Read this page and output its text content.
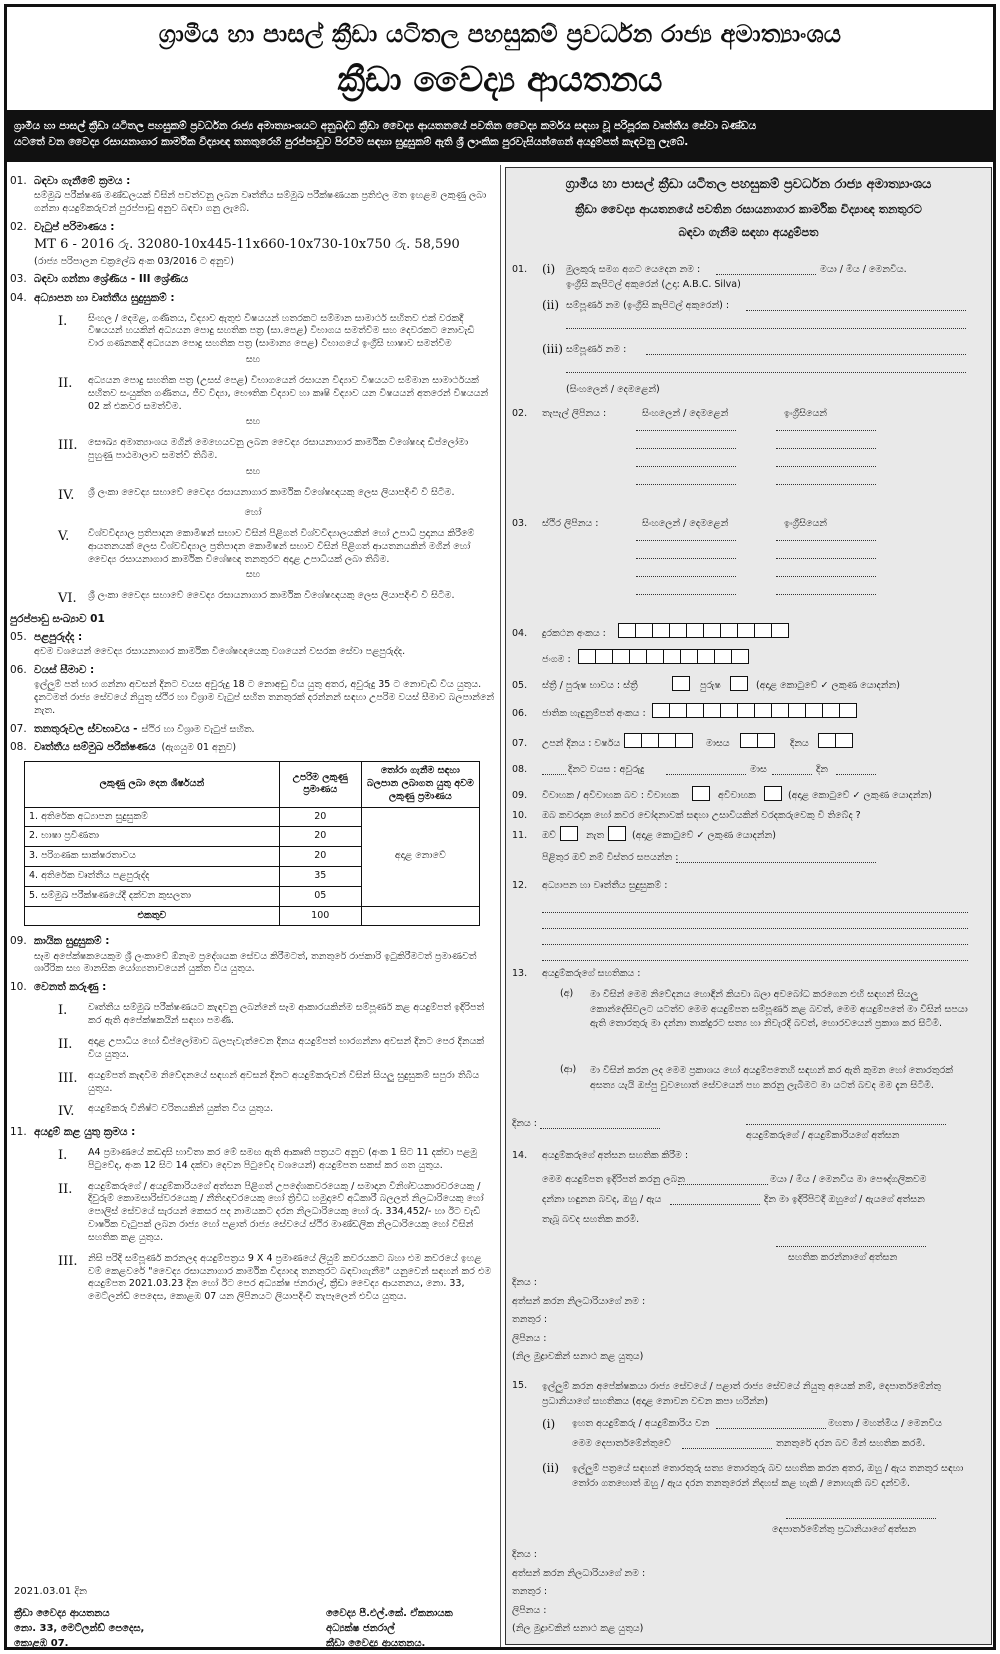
ග්‍රාමීය හා පාසල් ක්‍රීඩා යටිතල පහසුකම් ප්‍රවර්ධන රාජ්‍ය අමාත්‍යාංශය
ක්‍රීඩා වෛද්‍ය ආයතනය
ග්‍රාමීය හා පාසල් ක්‍රීඩා යටිතල පහසුකම් ප්‍රවර්ධන රාජ්‍ය අමාත්‍යාංශයට අනුබද්ධ ක්‍රීඩා වෛද්‍ය ආයතනයේ පවතින වෛද්‍ය කර්මය සඳහා වූ පරිපූරක වෘත්තීය සේවා බණ්ඩය
යටතේ වන වෛද්‍ය රසායනාගාර කාර්මික විද්‍යාඥ තනතුරෙහි පුරප්පාඩුව පිරවීම සඳහා සුදුසුකම් ඇති ශ්‍රී ලාංකික පුරවැසියන්ගෙන් අයදුම්පත් කැඳවනු ලැබේ.
01. බඳවා ගැනීමේ ක්‍රමය :
සම්මුඛ පරීක්ෂණ මණ්ඩලයක් විසින් පවත්වනු ලබන වෘත්තීය සම්මුඛ පරීක්ෂණයක ප්‍රතිඵල මත ඉහළම ලකුණු ලබා ගන්නා අයදුම්කරුවන් පුරප්පාඩු අනුව බඳවා ගනු ලැබේ.
02. වැටුප් පරිමාණය :
MT 6 - 2016 රු. 32080-10x445-11x660-10x730-10x750 රු. 58,590
(රාජ්‍ය පරිපාලන චක්‍රලේඛ අංක 03/2016 ට අනුව)
03. බඳවා ගන්නා ශ්‍රේණිය - III ශ්‍රේණිය
04. අධ්‍යාපන හා වෘත්තීය සුදුසුකම් :
I.	සිංහල / දෙමළ, ගණිතය, විද්‍යාව ඇතුළු විෂයයන් හතරකට සම්මාන සාමාර්ථ සහිතව එක් වරකදී විෂයයන් හයකින් අධ්‍යයන පොදු සහතික පත්‍ර (සා.පෙළ) විභාගය සමත්වීම සහ දෙවරකට නොවැඩි වාර ගණනකදී අධ්‍යයන පොදු සහතික පත්‍ර (සාමාන්‍ය පෙළ) විභාගයේ ඉංග්‍රීසි භාෂාව සමත්වීම
සහ
II.	අධ්‍යයන පොදු සහතික පත්‍ර (උසස් පෙළ) විභාගයෙන් රසායන විද්‍යාව විෂයයට සම්මාන සාමාර්ථයක් සහිතව සංයුක්ත ගණිතය, ජීව විද්‍යා, භෞතික විද්‍යාව හා කෘෂි විද්‍යාව යන විෂයයන් අතරෙන් විෂයයන් 02 ක් එකවර සමත්වීම.
සහ
III.	සෞඛ්‍ය අමාත්‍යාංශය මගින් මෙහෙයවනු ලබන වෛද්‍ය රසායනාගාර කාර්මික විශේෂඥ ඩිප්ලෝමා පුහුණු පාඨමාලාව සමත්වී තිබීම.
සහ
IV.	ශ්‍රී ලංකා වෛද්‍ය සභාවේ වෛද්‍ය රසායනාගාර කාර්මික විශේෂඥයකු ලෙස ලියාපදිංචි වී සිටීම.
හෝ
V.	විශ්වවිද්‍යාල ප්‍රතිපාදන කොමිෂන් සභාව විසින් පිළිගත් විශ්වවිද්‍යාලයකින් හෝ උපාධි ප්‍රදානය කිරීමේ ආයතනයක් ලෙස විශ්වවිද්‍යාල ප්‍රතිපාදන කොමිෂන් සභාව විසින් පිළිගත් ආයතනයකින් මගින් හෝ වෛද්‍ය රසායනාගාර කාර්මික විශේෂඥ තනතුරට අදාළ උපාධියක් ලබා තිබීම.
සහ
VI.	ශ්‍රී ලංකා වෛද්‍ය සභාවේ වෛද්‍ය රසායනාගාර කාර්මික විශේෂඥයකු ලෙස ලියාපදිංචි වී සිටීම.
පුරප්පාඩු සංඛ්‍යාව 01
05. පළපුරුද්ද :
අවම වශයෙන් වෛද්‍ය රසායනාගාර කාර්මික විශේෂඥයෙකු වශයෙන් වසරක සේවා පළපුරුද්ද.
06. වයස් සීමාව :
ඉල්ලුම් පත් භාර ගන්නා අවසන් දිනට වයස අවුරුදු 18 ට නොඅඩු විය යුතු අතර, අවුරුදු 35 ට නොවැඩි විය යුතුය. දැනටමත් රාජ්‍ය සේවයේ නියුතු ස්ථිර හා විශ්‍රාම වැටුප් සහිත තනතුරක් දරන්නන් සඳහා උපරිම වයස් සීමාව බලපාන්නේ නැත.
07. තනතුරුවල ස්වභාවය - ස්ථිර හා විශ්‍රාම වැටුප් සහිත.
08. වෘත්තීය සම්මුඛ පරීක්ෂණය (ඇගයුම 01 අනුව)
ලකුණු ලබා දෙන ශීර්ෂයන්	උපරිම ලකුණු ප්‍රමාණය	තෝරා ගැනීම සඳහා බලපාන ලබාගත යුතු අවම ලකුණු ප්‍රමාණය
1. අතිරේක අධ්‍යාපන සුදුසුකම්	20	අදාළ නොවේ
2. භාෂා ප්‍රවීණතා	20	
3. පරිගණක සාක්ෂරතාවය	20	
4. අතිරේක වෘත්තීය පළපුරුද්ද	35	
5. සම්මුඛ පරීක්ෂණයේදී දක්වන කුසලතා	05	
එකතුව	100	
09. කායික සුදුසුකම් :
සෑම අපේක්ෂකයෙකුම ශ්‍රී ලංකාවේ ඕනෑම ප්‍රදේශයක සේවය කිරීමටත්, තනතුරේ රාජකාරි ඉටුකිරීමටත් ප්‍රමාණවත් ශාරීරික සහ මානසික යෝග්‍යතාවයෙන් යුක්ත විය යුතුය.
10. වෙනත් කරුණු :
I.	වෘත්තීය සම්මුඛ පරීක්ෂණයට කැඳවනු ලබන්නේ සෑම ආකාරයකින්ම සම්පූර්ණ කළ අයදුම්පත් ඉදිරිපත් කර ඇති අපේක්ෂකයින් සඳහා පමණි.
II.	අදාළ උපාධිය හෝ ඩිප්ලෝමාව බලපැවැත්වෙන දිනය අයදුම්පත් භාරගන්නා අවසන් දිනට පෙර දිනයක් විය යුතුය.
III.	අයදුම්පත් කැඳවීම නිවේදනයේ සඳහන් අවසන් දිනට අයදුම්කරුවන් විසින් සියලු සුදුසුකම් සපුරා තිබිය යුතුය.
IV.	අයදුම්කරු විනිෂ්ට චරිතයකින් යුක්ත විය යුතුය.
11. අයදුම් කළ යුතු ක්‍රමය :
I.	A4 ප්‍රමාණයේ කඩදාසි භාවිතා කර මේ සමඟ ඇති ආකෘති පත්‍රයට අනුව (අංක 1 සිට 11 දක්වා පළමු පිටුවේද, අංක 12 සිට 14 දක්වා දෙවන පිටුවේද වශයෙන්) අයදුම්පත සකස් කර ගත යුතුය.
II.	අයදුම්කරුගේ / අයදුම්කාරියගේ අත්සන පිළිගත් උපදේශකවරයෙකු / සමාදාන විනිශ්චයකාරවරයෙකු / දිවුරුම් කොමසාරිස්වරයෙකු / නීතිඥවරයෙකු හෝ ත්‍රිවිධ හමුදාවේ අධිකාරී බලලත් නිලධාරියෙකු හෝ පොලිස් සේවයේ සැරයන් කෙසර පද නාමයකට දරන නිලධාරියෙකු හෝ රු. 334,452/- හා ඊට වැඩි වාර්ෂික වැටුපක් ලබන රාජ්‍ය හෝ පළාත් රාජ්‍ය සේවයේ ස්ථිර මාණ්ඩලික නිලධාරියෙකු හෝ විසින් සහතික කළ යුතුය.
III.	නිසි පරිදි සම්පූර්ණ කරනලද අයදුම්පත්‍රය 9 X 4 ප්‍රමාණයේ ලියුම් කවරයකට බහා එම කවරයේ ඉහළ වම් කෙළවරේ "වෛද්‍ය රසායනාගාර කාර්මික විද්‍යාඥ තනතුරට බඳවාගැනීම" යනුවෙන් සඳහන් කර එම අයදුම්පත 2021.03.23 දින හෝ ඊට පෙර අධ්‍යක්ෂ ජනරාල්, ක්‍රීඩා වෛද්‍ය ආයතනය, නො. 33, මෙට්ලන්ඩ් පෙදෙස, කොළඹ 07 යන ලිපිනයට ලියාපදිංචි තැපෑලෙන් එවිය යුතුය.
2021.03.01 දින
ක්‍රීඩා වෛද්‍ය ආයතනය
නො. 33, මෙට්ලන්ඩ් පෙදෙස,
කොළඹ 07.
වෛද්‍ය පී.එල්.කේ. ඒකනායක
අධ්‍යක්ෂ ජනරාල්
ක්‍රීඩා වෛද්‍ය ආයතනය.
ග්‍රාමීය හා පාසල් ක්‍රීඩා යටිතල පහසුකම් ප්‍රවර්ධන රාජ්‍ය අමාත්‍යාංශය
ක්‍රීඩා වෛද්‍ය ආයතනයේ පවතින රසායනාගාර කාර්මික විද්‍යාඥ තනතුරට
බඳවා ගැනීම සඳහා අයදුම්පත
01. (i) මුලකුරු සමග අගට යෙදෙන නම :	මයා / මිය / මෙනවිය.
ඉංග්‍රීසි කැපිටල් අකුරෙන් (උදා: A.B.C. Silva)
(ii) සම්පූර්ණ නම (ඉංග්‍රීසි කැපිටල් අකුරෙන්) :
(iii) සම්පූර්ණ නම :
(සිංහලෙන් / දෙමළෙන්)
02. තැපැල් ලිපිනය :	සිංහලෙන් / දෙමළෙන්	ඉංග්‍රීසියෙන්
03. ස්ථිර ලිපිනය :	සිංහලෙන් / දෙමළෙන්	ඉංග්‍රීසියෙන්
04. දුරකථන අංකය :
ජංගම :
05. ස්ත්‍රී / පුරුෂ භාවය : ස්ත්‍රී	පුරුෂ	(අදාළ කොටුවේ ✓ ලකුණ යොදන්න)
06. ජාතික හැඳුනුම්පත් අංකය :
07. උපන් දිනය : වර්ෂය	මාසය	දිනය
08.	දිනට වයස : අවුරුදු	මාස	දින
09. විවාහක / අවිවාහක බව : විවාහක	අවිවාහක	(අදාළ කොටුවේ ✓ ලකුණ යොදන්න)
10. ඔබ කවරදාක හෝ කවර චෝදනාවක් සඳහා උසාවියකින් වරදකරුවෙකු වී තිබේද ?
11. ඔව්	නැත	(අදාළ කොටුවේ ✓ ලකුණ යොදන්න)
පිළිතුර ඔව් නම් විස්තර සපයන්න :
12. අධ්‍යාපන හා වෘත්තීය සුදුසුකම් :
13. අයදුම්කරුගේ සහතිකය :
(අ) මා විසින් මෙම නිවේදනය හොඳින් කියවා බලා අවබෝධ කරගෙන එහි සඳහන් සියලු කොන්දේසිවලට යටත්ව මෙම අයදුම්පත සම්පූර්ණ කළ බවත්, මෙම අයදුම්පතේ මා විසින් සපයා ඇති තොරතුරු මා දන්නා තාක්දුරට සත්‍ය හා නිවැරදි බවත්, හොරවයෙන් ප්‍රකාශ කර සිටිමි.
(ආ) මා විසින් කරන ලද මෙම ප්‍රකාශය හෝ අයදුම්පතෙහි සඳහන් කර ඇති කුමන හෝ තොරතුරක් අසත්‍ය යැයි ඔප්පු වුවහොත් සේවයෙන් පහ කරනු ලැබීමට මා යටත් බවද මම දැන සිටිමි.
දිනය :
අයදුම්කරුගේ / අයදුම්කාරියගේ අත්සන
14. අයදුම්කරුගේ අත්සන සහතික කිරීම :
මෙම අයදුම්පත ඉදිරිපත් කරනු ලබන	මයා / මිය / මෙනවිය මා පෞද්ගලිකවම
දන්නා හඳුනන බවද, ඔහු / ඇය	දින මා ඉදිරිපිටදී ඔහුගේ / ඇයගේ අත්සන
තැබූ බවද සහතික කරමි.
සහතික කරන්නාගේ අත්සන
දිනය :
අත්සන් කරන නිලධාරියාගේ නම :
තනතුර :
ලිපිනය :
(නිල මුද්‍රාවකින් සනාථ කළ යුතුය)
15. ඉල්ලුම් කරන අපේක්ෂකයා රාජ්‍ය සේවයේ / පළාත් රාජ්‍ය සේවයේ නියුතු අයෙක් නම්, දෙපාර්තමේන්තු ප්‍රධානියාගේ සහතිකය (අදාළ නොවන වචන කපා හරින්න)
(i) ඉහත අයදුම්කරු / අයදුම්කාරිය වන	මහතා / මහත්මිය / මෙනවිය
මෙම දෙපාර්තමේන්තුවේ	තනතුරේ දරන බව මින් සහතික කරමි.
(ii) ඉල්ලුම් පත්‍රයේ සඳහන් තොරතුරු සත්‍ය තොරතුරු බව සහතික කරන අතර, ඔහු / ඇය තනතුර සඳහා තෝරා ගතහොත් ඔහු / ඇය දරන තනතුරෙන් නිදහස් කළ හැකි / නොහැකි බව දන්වමි.
දෙපාර්තමේන්තු ප්‍රධානියාගේ අත්සන
දිනය :
අත්සන් කරන නිලධාරියාගේ නම :
තනතුර :
ලිපිනය :
(නිල මුද්‍රාවකින් සනාථ කළ යුතුය)
